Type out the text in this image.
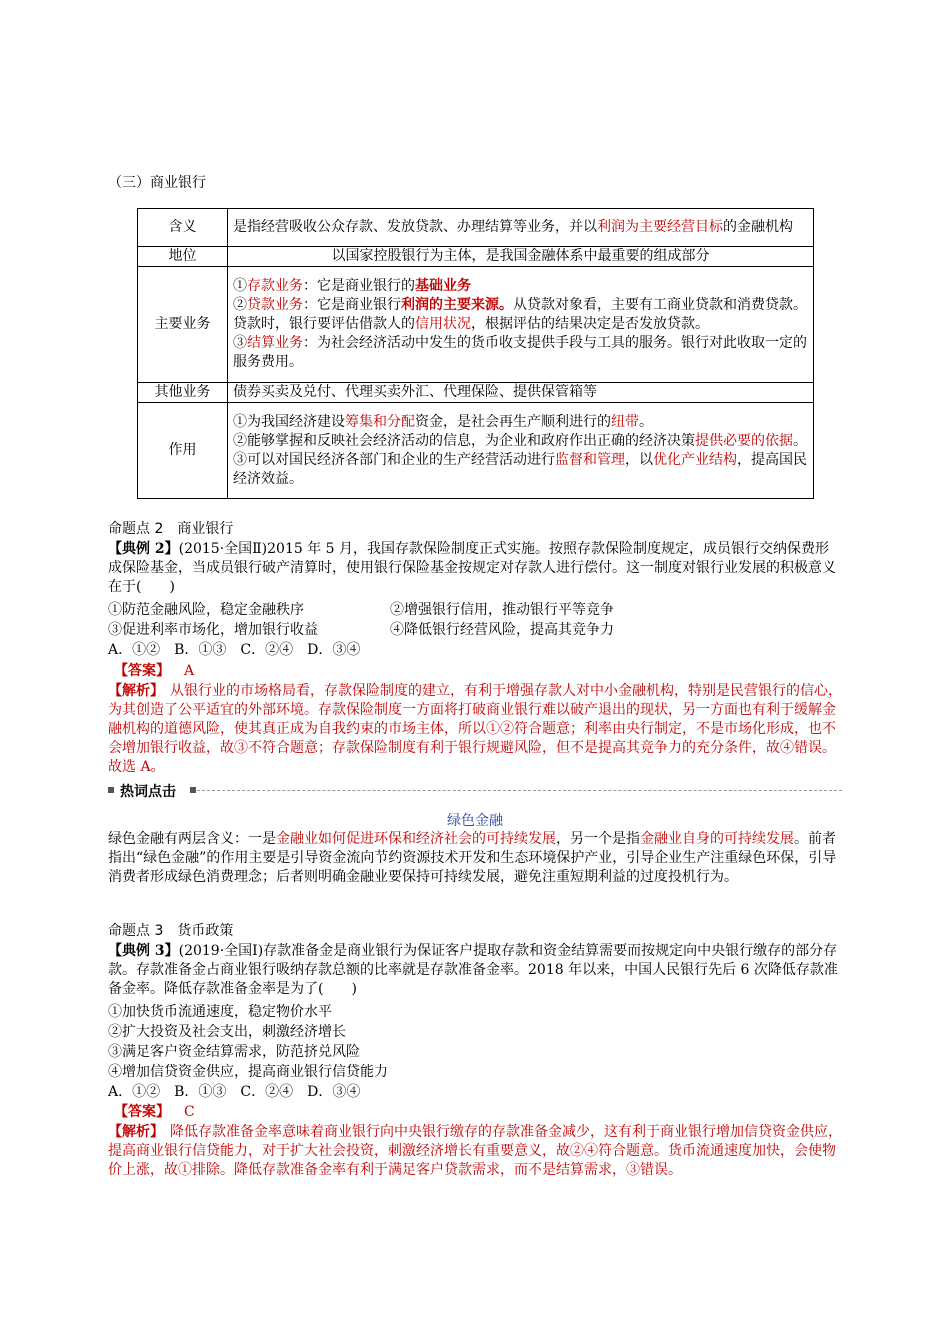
（三）商业银行
含义	是指经营吸收公众存款、发放贷款、办理结算等业务，并以利润为主要经营目标的金融机构
地位	以国家控股银行为主体，是我国金融体系中最重要的组成部分
主要业务	①存款业务：它是商业银行的基础业务
②贷款业务：它是商业银行利润的主要来源。从贷款对象看，主要有工商业贷款和消费贷款。贷款时，银行要评估借款人的信用状况，根据评估的结果决定是否发放贷款。
③结算业务：为社会经济活动中发生的货币收支提供手段与工具的服务。银行对此收取一定的服务费用。

其他业务	债券买卖及兑付、代理买卖外汇、代理保险、提供保管箱等
作用	①为我国经济建设筹集和分配资金，是社会再生产顺利进行的纽带。
②能够掌握和反映社会经济活动的信息，为企业和政府作出正确的经济决策提供必要的依据。
③可以对国民经济各部门和企业的生产经营活动进行监督和管理，以优化产业结构，提高国民经济效益。
命题点 2　商业银行
【典例 2】(2015·全国Ⅱ)2015 年 5 月，我国存款保险制度正式实施。按照存款保险制度规定，成员银行交纳保费形成保险基金，当成员银行破产清算时，使用银行保险基金按规定对存款人进行偿付。这一制度对银行业发展的积极意义在于(　　)
①防范金融风险，稳定金融秩序	②增强银行信用，推动银行平等竞争
③促进利率市场化，增加银行收益	④降低银行经营风险，提高其竞争力
A．①②　B．①③　C．②④　D．③④
【答案】 A
【解析】 从银行业的市场格局看，存款保险制度的建立，有利于增强存款人对中小金融机构，特别是民营银行的信心，为其创造了公平适宜的外部环境。存款保险制度一方面将打破商业银行难以破产退出的现状，另一方面也有利于缓解金融机构的道德风险，使其真正成为自我约束的市场主体，所以①②符合题意；利率由央行制定，不是市场化形成，也不会增加银行收益，故③不符合题意；存款保险制度有利于银行规避风险，但不是提高其竞争力的充分条件，故④错误。故选 A。
热词点击
绿色金融
绿色金融有两层含义：一是金融业如何促进环保和经济社会的可持续发展，另一个是指金融业自身的可持续发展。前者指出“绿色金融”的作用主要是引导资金流向节约资源技术开发和生态环境保护产业，引导企业生产注重绿色环保，引导消费者形成绿色消费理念；后者则明确金融业要保持可持续发展，避免注重短期利益的过度投机行为。
命题点 3　货币政策
【典例 3】(2019·全国Ⅰ)存款准备金是商业银行为保证客户提取存款和资金结算需要而按规定向中央银行缴存的部分存款。存款准备金占商业银行吸纳存款总额的比率就是存款准备金率。2018 年以来，中国人民银行先后 6 次降低存款准备金率。降低存款准备金率是为了(　　)
①加快货币流通速度，稳定物价水平
②扩大投资及社会支出，刺激经济增长
③满足客户资金结算需求，防范挤兑风险
④增加信贷资金供应，提高商业银行信贷能力
A．①②　B．①③　C．②④　D．③④
【答案】 C
【解析】 降低存款准备金率意味着商业银行向中央银行缴存的存款准备金减少，这有利于商业银行增加信贷资金供应，提高商业银行信贷能力，对于扩大社会投资，刺激经济增长有重要意义，故②④符合题意。货币流通速度加快，会使物价上涨，故①排除。降低存款准备金率有利于满足客户贷款需求，而不是结算需求，③错误。
